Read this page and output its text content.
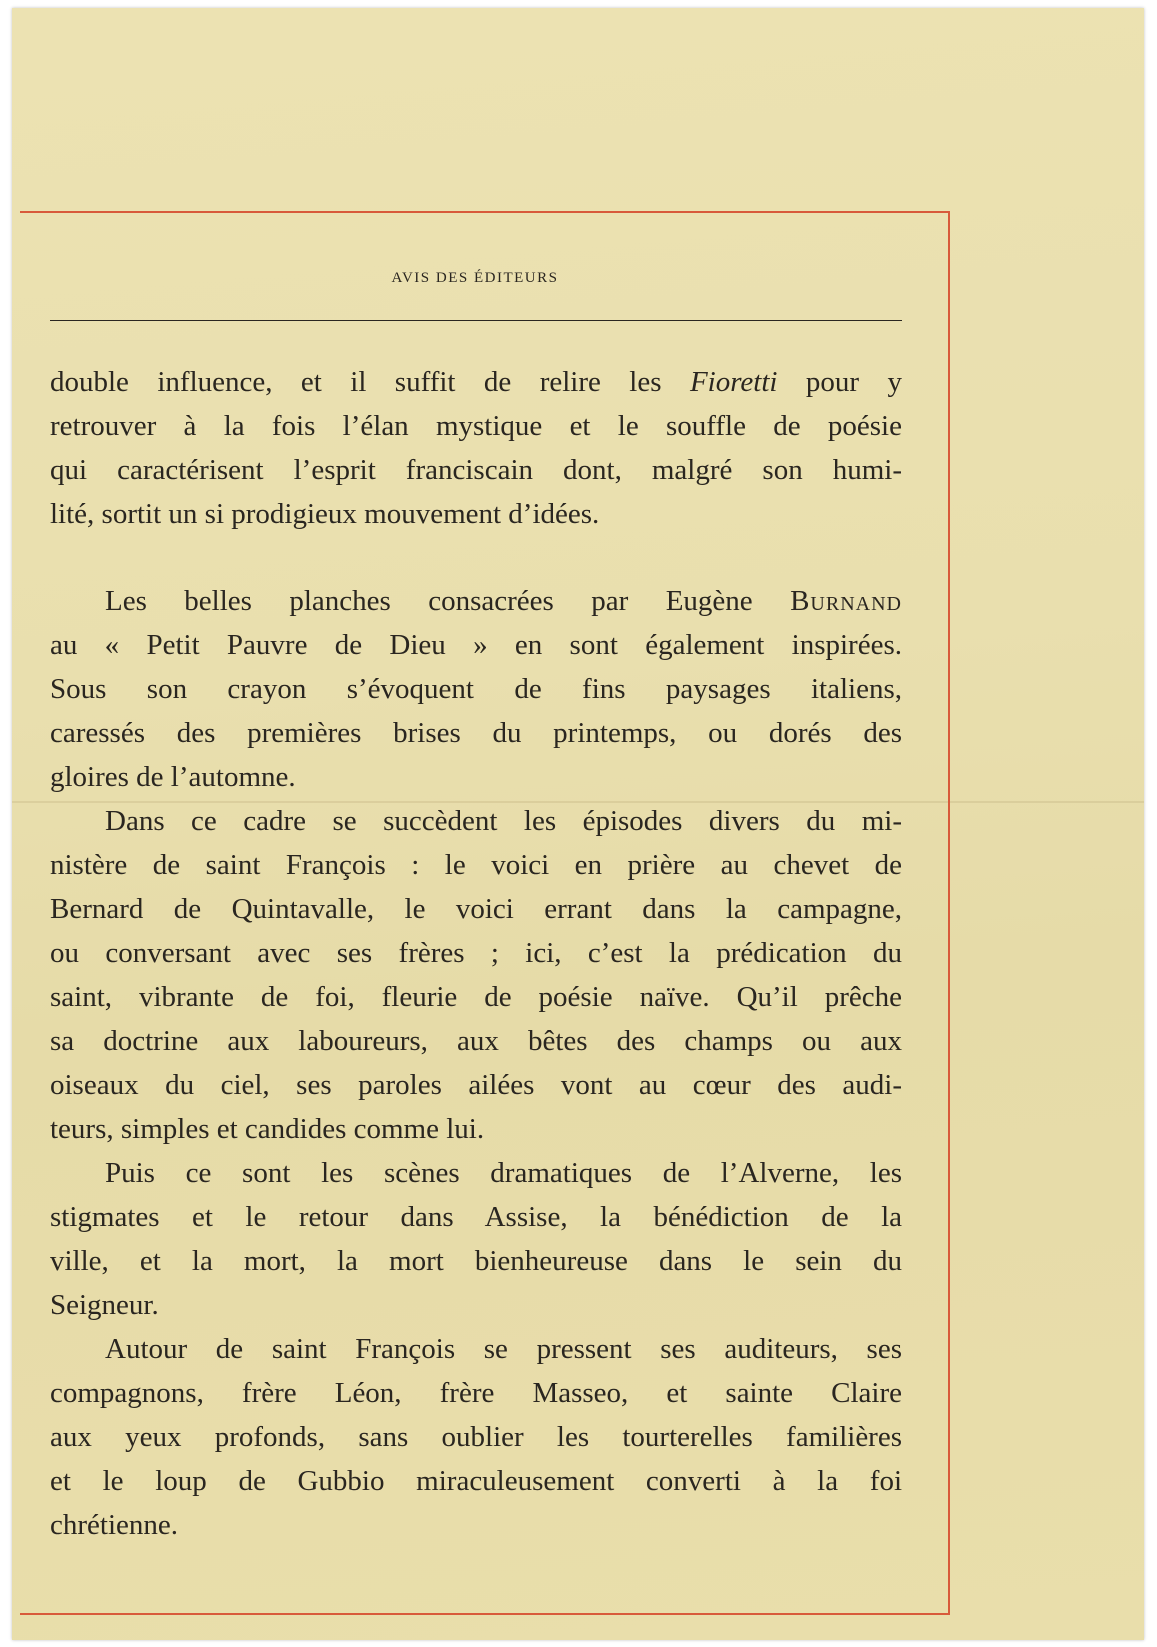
AVIS DES ÉDITEURS
double influence, et il suffit de relire les Fioretti pour y
retrouver à la fois l’élan mystique et le souffle de poésie
qui caractérisent l’esprit franciscain dont, malgré son humi-
lité, sortit un si prodigieux mouvement d’idées.
Les belles planches consacrées par Eugène Burnand
au « Petit Pauvre de Dieu » en sont également inspirées.
Sous son crayon s’évoquent de fins paysages italiens,
caressés des premières brises du printemps, ou dorés des
gloires de l’automne.
Dans ce cadre se succèdent les épisodes divers du mi-
nistère de saint François : le voici en prière au chevet de
Bernard de Quintavalle, le voici errant dans la campagne,
ou conversant avec ses frères ; ici, c’est la prédication du
saint, vibrante de foi, fleurie de poésie naïve. Qu’il prêche
sa doctrine aux laboureurs, aux bêtes des champs ou aux
oiseaux du ciel, ses paroles ailées vont au cœur des audi-
teurs, simples et candides comme lui.
Puis ce sont les scènes dramatiques de l’Alverne, les
stigmates et le retour dans Assise, la bénédiction de la
ville, et la mort, la mort bienheureuse dans le sein du
Seigneur.
Autour de saint François se pressent ses auditeurs, ses
compagnons, frère Léon, frère Masseo, et sainte Claire
aux yeux profonds, sans oublier les tourterelles familières
et le loup de Gubbio miraculeusement converti à la foi
chrétienne.
